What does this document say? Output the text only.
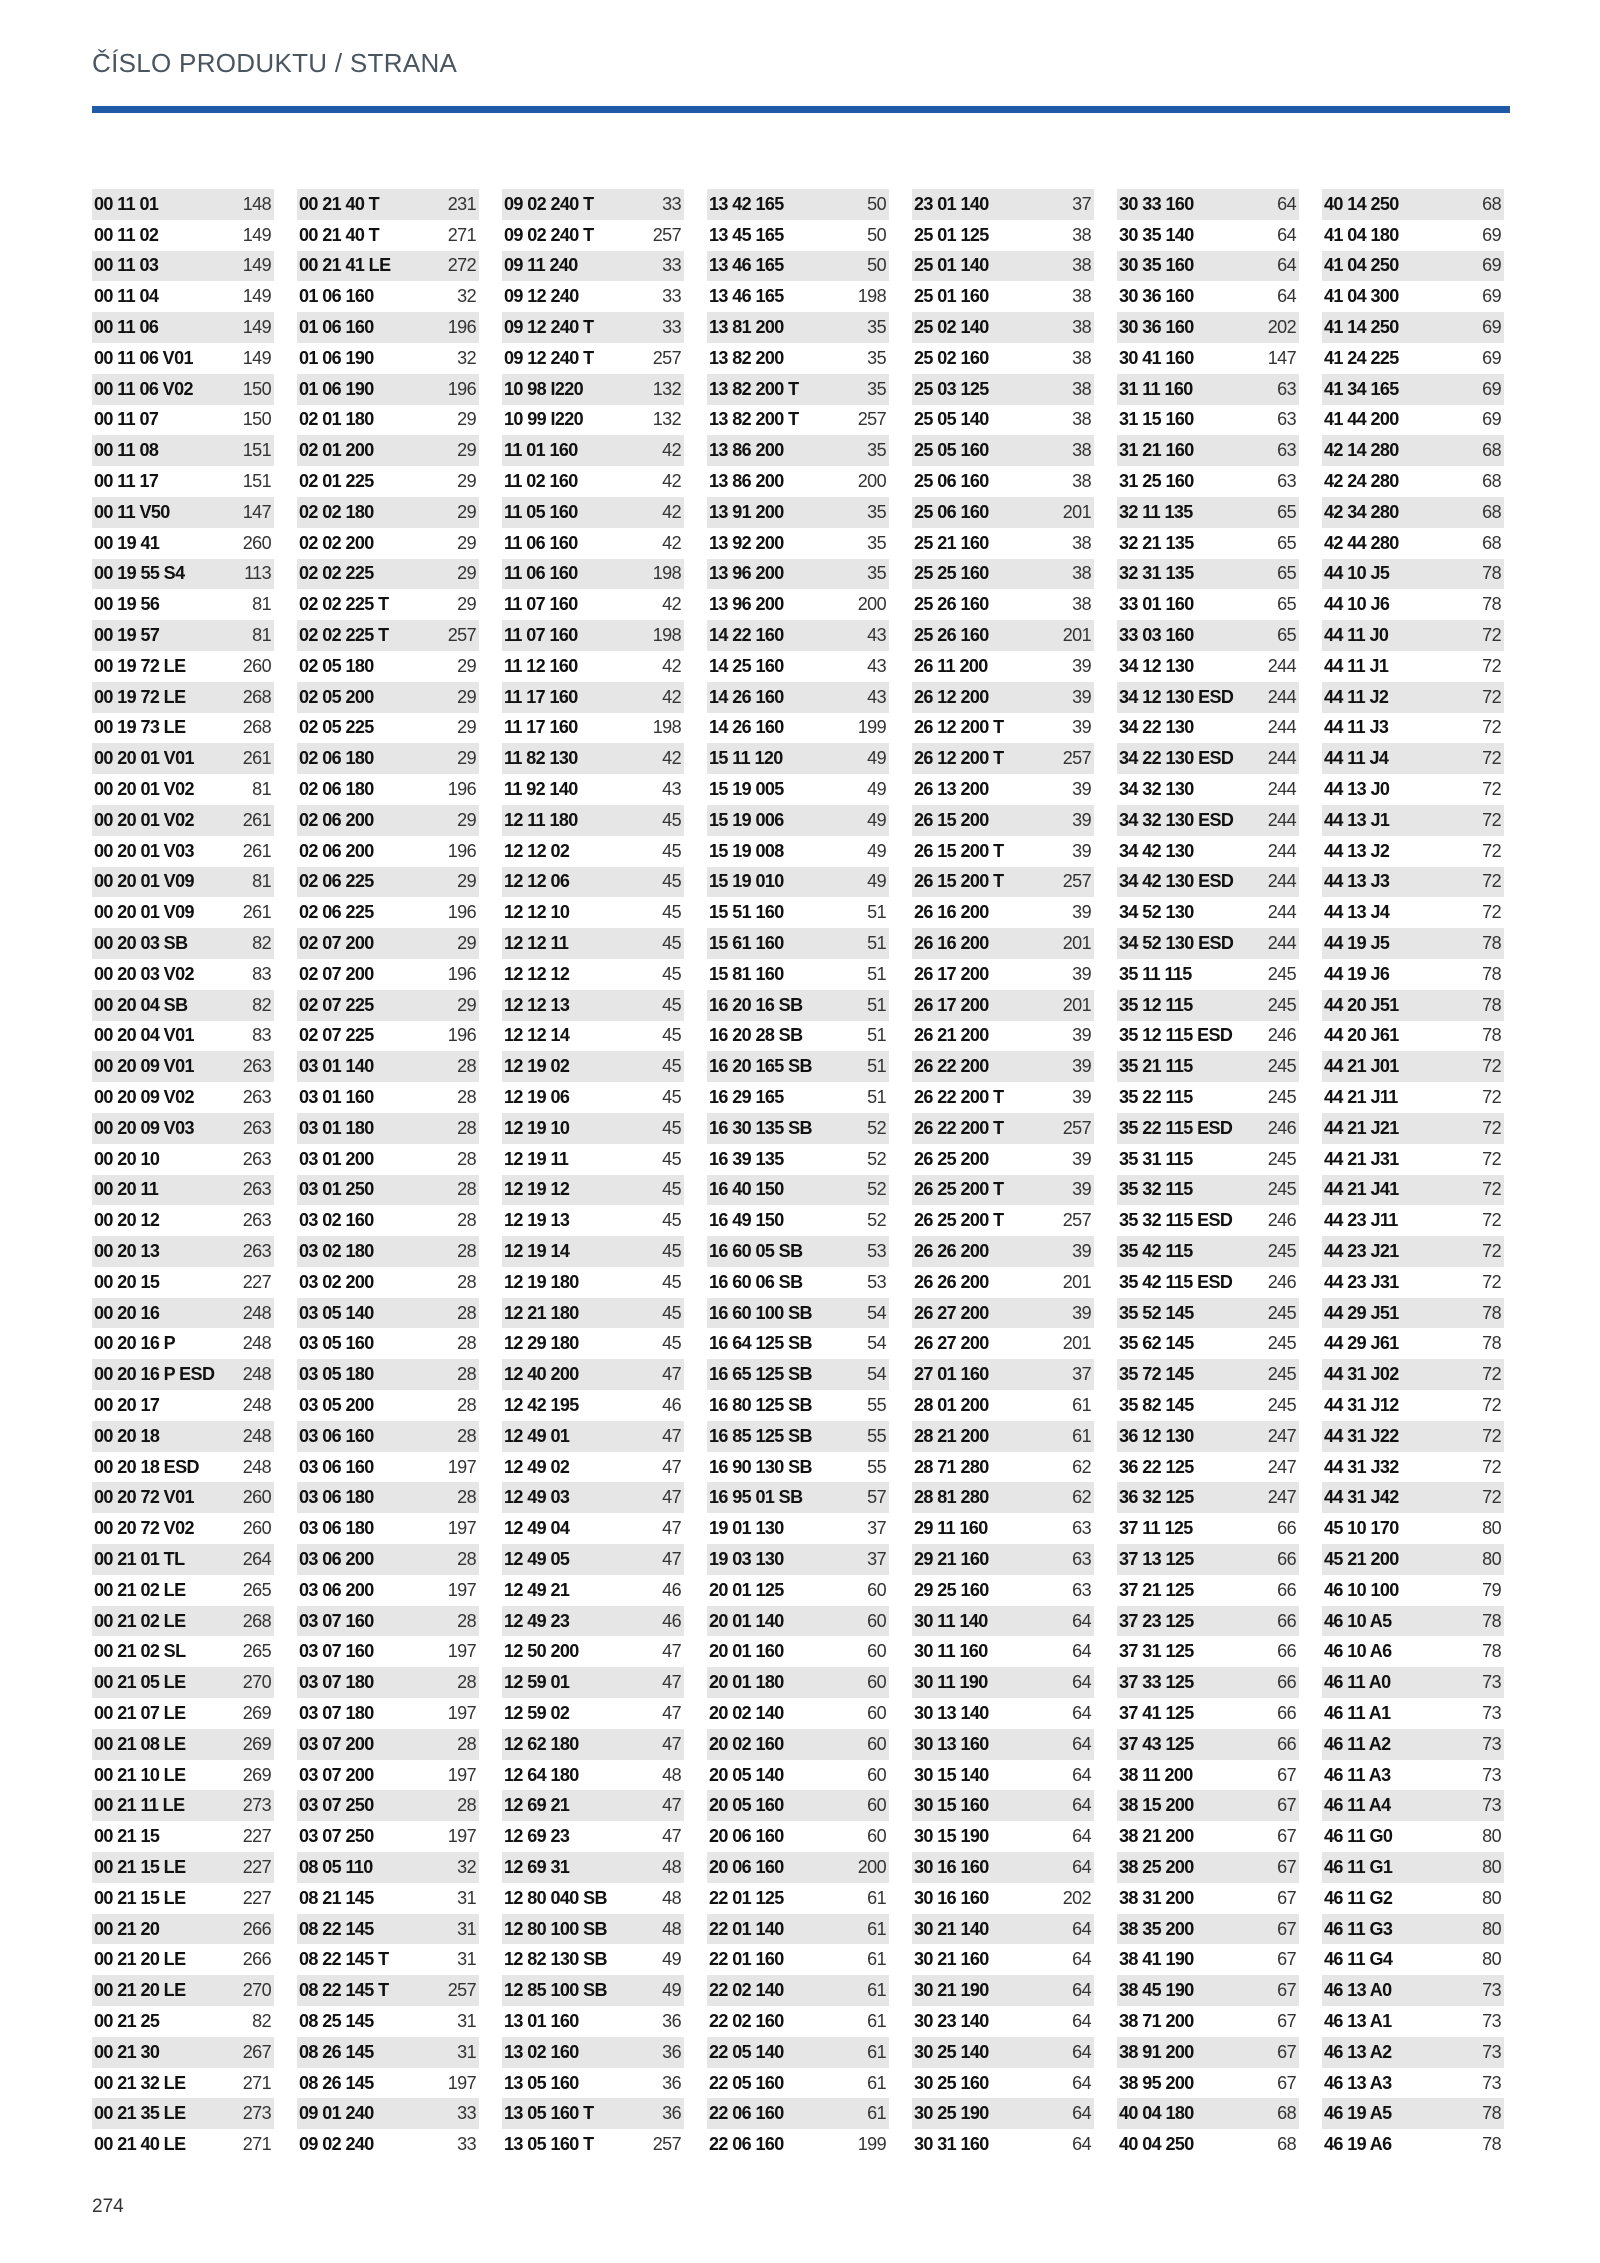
ČÍSLO PRODUKTU / STRANA
00 11 01	148
00 11 02	149
00 11 03	149
00 11 04	149
00 11 06	149
00 11 06 V01	149
00 11 06 V02	150
00 11 07	150
00 11 08	151
00 11 17	151
00 11 V50	147
00 19 41	260
00 19 55 S4	113
00 19 56	81
00 19 57	81
00 19 72 LE	260
00 19 72 LE	268
00 19 73 LE	268
00 20 01 V01	261
00 20 01 V02	81
00 20 01 V02	261
00 20 01 V03	261
00 20 01 V09	81
00 20 01 V09	261
00 20 03 SB	82
00 20 03 V02	83
00 20 04 SB	82
00 20 04 V01	83
00 20 09 V01	263
00 20 09 V02	263
00 20 09 V03	263
00 20 10	263
00 20 11	263
00 20 12	263
00 20 13	263
00 20 15	227
00 20 16	248
00 20 16 P	248
00 20 16 P ESD 248
00 20 17	248
00 20 18	248
00 20 18 ESD 248
00 20 72 V01	260
00 20 72 V02	260
00 21 01 TL	264
00 21 02 LE	265
00 21 02 LE	268
00 21 02 SL	265
00 21 05 LE	270
00 21 07 LE	269
00 21 08 LE	269
00 21 10 LE	269
00 21 11 LE	273
00 21 15	227
00 21 15 LE	227
00 21 15 LE	227
00 21 20	266
00 21 20 LE	266
00 21 20 LE	270
00 21 25	82
00 21 30	267
00 21 32 LE	271
00 21 35 LE	273
00 21 40 LE	271
00 21 40 T	231
00 21 40 T	271
00 21 41 LE	272
01 06 160	32
01 06 160	196
01 06 190	32
01 06 190	196
02 01 180	29
02 01 200	29
02 01 225	29
02 02 180	29
02 02 200	29
02 02 225	29
02 02 225 T	29
02 02 225 T	257
02 05 180	29
02 05 200	29
02 05 225	29
02 06 180	29
02 06 180	196
02 06 200	29
02 06 200	196
02 06 225	29
02 06 225	196
02 07 200	29
02 07 200	196
02 07 225	29
02 07 225	196
03 01 140	28
03 01 160	28
03 01 180	28
03 01 200	28
03 01 250	28
03 02 160	28
03 02 180	28
03 02 200	28
03 05 140	28
03 05 160	28
03 05 180	28
03 05 200	28
03 06 160	28
03 06 160	197
03 06 180	28
03 06 180	197
03 06 200	28
03 06 200	197
03 07 160	28
03 07 160	197
03 07 180	28
03 07 180	197
03 07 200	28
03 07 200	197
03 07 250	28
03 07 250	197
08 05 110	32
08 21 145	31
08 22 145	31
08 22 145 T	31
08 22 145 T	257
08 25 145	31
08 26 145	31
08 26 145	197
09 01 240	33
09 02 240	33
09 02 240 T	33
09 02 240 T	257
09 11 240	33
09 12 240	33
09 12 240 T	33
09 12 240 T	257
10 98 I220	132
10 99 I220	132
11 01 160	42
11 02 160	42
11 05 160	42
11 06 160	42
11 06 160	198
11 07 160	42
11 07 160	198
11 12 160	42
11 17 160	42
11 17 160	198
11 82 130	42
11 92 140	43
12 11 180	45
12 12 02	45
12 12 06	45
12 12 10	45
12 12 11	45
12 12 12	45
12 12 13	45
12 12 14	45
12 19 02	45
12 19 06	45
12 19 10	45
12 19 11	45
12 19 12	45
12 19 13	45
12 19 14	45
12 19 180	45
12 21 180	45
12 29 180	45
12 40 200	47
12 42 195	46
12 49 01	47
12 49 02	47
12 49 03	47
12 49 04	47
12 49 05	47
12 49 21	46
12 49 23	46
12 50 200	47
12 59 01	47
12 59 02	47
12 62 180	47
12 64 180	48
12 69 21	47
12 69 23	47
12 69 31	48
12 80 040 SB	48
12 80 100 SB	48
12 82 130 SB	49
12 85 100 SB	49
13 01 160	36
13 02 160	36
13 05 160	36
13 05 160 T	36
13 05 160 T	257
13 42 165	50
13 45 165	50
13 46 165	50
13 46 165	198
13 81 200	35
13 82 200	35
13 82 200 T	35
13 82 200 T	257
13 86 200	35
13 86 200	200
13 91 200	35
13 92 200	35
13 96 200	35
13 96 200	200
14 22 160	43
14 25 160	43
14 26 160	43
14 26 160	199
15 11 120	49
15 19 005	49
15 19 006	49
15 19 008	49
15 19 010	49
15 51 160	51
15 61 160	51
15 81 160	51
16 20 16 SB	51
16 20 28 SB	51
16 20 165 SB	51
16 29 165	51
16 30 135 SB	52
16 39 135	52
16 40 150	52
16 49 150	52
16 60 05 SB	53
16 60 06 SB	53
16 60 100 SB	54
16 64 125 SB	54
16 65 125 SB	54
16 80 125 SB	55
16 85 125 SB	55
16 90 130 SB	55
16 95 01 SB	57
19 01 130	37
19 03 130	37
20 01 125	60
20 01 140	60
20 01 160	60
20 01 180	60
20 02 140	60
20 02 160	60
20 05 140	60
20 05 160	60
20 06 160	60
20 06 160	200
22 01 125	61
22 01 140	61
22 01 160	61
22 02 140	61
22 02 160	61
22 05 140	61
22 05 160	61
22 06 160	61
22 06 160	199
23 01 140	37
25 01 125	38
25 01 140	38
25 01 160	38
25 02 140	38
25 02 160	38
25 03 125	38
25 05 140	38
25 05 160	38
25 06 160	38
25 06 160	201
25 21 160	38
25 25 160	38
25 26 160	38
25 26 160	201
26 11 200	39
26 12 200	39
26 12 200 T	39
26 12 200 T	257
26 13 200	39
26 15 200	39
26 15 200 T	39
26 15 200 T	257
26 16 200	39
26 16 200	201
26 17 200	39
26 17 200	201
26 21 200	39
26 22 200	39
26 22 200 T	39
26 22 200 T	257
26 25 200	39
26 25 200 T	39
26 25 200 T	257
26 26 200	39
26 26 200	201
26 27 200	39
26 27 200	201
27 01 160	37
28 01 200	61
28 21 200	61
28 71 280	62
28 81 280	62
29 11 160	63
29 21 160	63
29 25 160	63
30 11 140	64
30 11 160	64
30 11 190	64
30 13 140	64
30 13 160	64
30 15 140	64
30 15 160	64
30 15 190	64
30 16 160	64
30 16 160	202
30 21 140	64
30 21 160	64
30 21 190	64
30 23 140	64
30 25 140	64
30 25 160	64
30 25 190	64
30 31 160	64
30 33 160	64
30 35 140	64
30 35 160	64
30 36 160	64
30 36 160	202
30 41 160	147
31 11 160	63
31 15 160	63
31 21 160	63
31 25 160	63
32 11 135	65
32 21 135	65
32 31 135	65
33 01 160	65
33 03 160	65
34 12 130	244
34 12 130 ESD 244
34 22 130	244
34 22 130 ESD 244
34 32 130	244
34 32 130 ESD 244
34 42 130	244
34 42 130 ESD 244
34 52 130	244
34 52 130 ESD 244
35 11 115	245
35 12 115	245
35 12 115 ESD 246
35 21 115	245
35 22 115	245
35 22 115 ESD 246
35 31 115	245
35 32 115	245
35 32 115 ESD 246
35 42 115	245
35 42 115 ESD 246
35 52 145	245
35 62 145	245
35 72 145	245
35 82 145	245
36 12 130	247
36 22 125	247
36 32 125	247
37 11 125	66
37 13 125	66
37 21 125	66
37 23 125	66
37 31 125	66
37 33 125	66
37 41 125	66
37 43 125	66
38 11 200	67
38 15 200	67
38 21 200	67
38 25 200	67
38 31 200	67
38 35 200	67
38 41 190	67
38 45 190	67
38 71 200	67
38 91 200	67
38 95 200	67
40 04 180	68
40 04 250	68
40 14 250	68
41 04 180	69
41 04 250	69
41 04 300	69
41 14 250	69
41 24 225	69
41 34 165	69
41 44 200	69
42 14 280	68
42 24 280	68
42 34 280	68
42 44 280	68
44 10 J5	78
44 10 J6	78
44 11 J0	72
44 11 J1	72
44 11 J2	72
44 11 J3	72
44 11 J4	72
44 13 J0	72
44 13 J1	72
44 13 J2	72
44 13 J3	72
44 13 J4	72
44 19 J5	78
44 19 J6	78
44 20 J51	78
44 20 J61	78
44 21 J01	72
44 21 J11	72
44 21 J21	72
44 21 J31	72
44 21 J41	72
44 23 J11	72
44 23 J21	72
44 23 J31	72
44 29 J51	78
44 29 J61	78
44 31 J02	72
44 31 J12	72
44 31 J22	72
44 31 J32	72
44 31 J42	72
45 10 170	80
45 21 200	80
46 10 100	79
46 10 A5	78
46 10 A6	78
46 11 A0	73
46 11 A1	73
46 11 A2	73
46 11 A3	73
46 11 A4	73
46 11 G0	80
46 11 G1	80
46 11 G2	80
46 11 G3	80
46 11 G4	80
46 13 A0	73
46 13 A1	73
46 13 A2	73
46 13 A3	73
46 19 A5	78
46 19 A6	78
274
